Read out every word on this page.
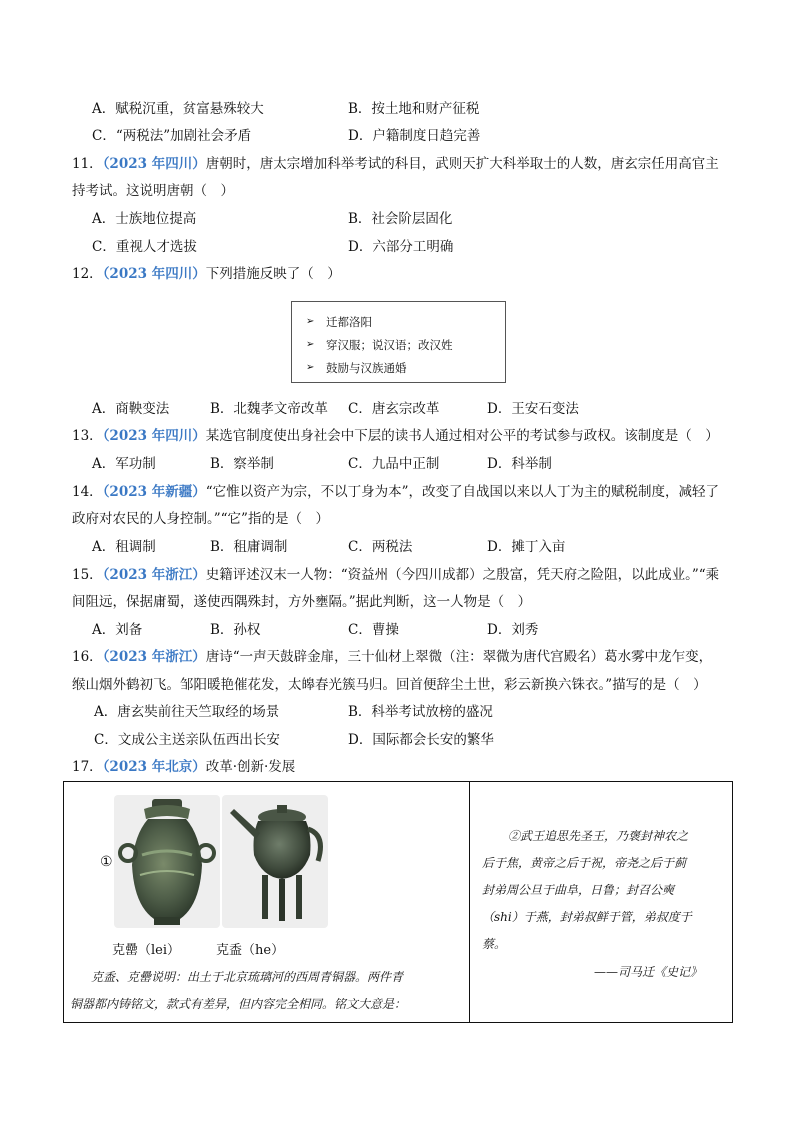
A．赋税沉重，贫富悬殊较大	B．按土地和财产征税
C．“两税法”加剧社会矛盾	D．户籍制度日趋完善
11．（2023 年四川）唐朝时，唐太宗增加科举考试的科目，武则天扩大科举取士的人数，唐玄宗任用高官主
持考试。这说明唐朝（　）
A．士族地位提高	B．社会阶层固化
C．重视人才选拔	D．六部分工明确
12．（2023 年四川）下列措施反映了（　）
➢ 迁都洛阳
➢ 穿汉服；说汉语；改汉姓
➢ 鼓励与汉族通婚
A．商鞅变法	B．北魏孝文帝改革 C．唐玄宗改革	D．王安石变法
13．（2023 年四川）某选官制度使出身社会中下层的读书人通过相对公平的考试参与政权。该制度是（　）
A．军功制	B．察举制	C．九品中正制	D．科举制
14．（2023 年新疆）“它惟以资产为宗，不以丁身为本”，改变了自战国以来以人丁为主的赋税制度，减轻了
政府对农民的人身控制。”“它”指的是（　）
A．租调制	B．租庸调制	C．两税法	D．摊丁入亩
15．（2023 年浙江）史籍评述汉末一人物：“资益州（今四川成都）之殷富，凭天府之险阻，以此成业。”“乘
间阻远，保据庸蜀，遂使西隅殊封，方外壅隔。”据此判断，这一人物是（　）
A．刘备	B．孙权	C．曹操	D．刘秀
16．（2023 年浙江）唐诗“一声天鼓辟金扉，三十仙材上翠微（注：翠微为唐代宫殿名）葛水雾中龙乍变，
缑山烟外鹤初飞。邹阳暖艳催花发，太皞春光簇马归。回首便辞尘土世，彩云新换六铢衣。”描写的是（　）
A．唐玄奘前往天竺取经的场景	B．科举考试放榜的盛况
C．文成公主送亲队伍西出长安	D．国际都会长安的繁华
17．（2023 年北京）改革·创新·发展
①
克罍（lei）	克盉（he）
克盉、克罍说明：出土于北京琉璃河的西周青铜器。两件青
铜器都内铸铭文，款式有差异，但内容完全相同。铭文大意是：
②武王追思先圣王，乃褒封神农之
后于焦，黄帝之后于祝，帝尧之后于蓟
封弟周公旦于曲阜，日鲁；封召公奭
（shi）于燕，封弟叔鲜于管，弟叔度于
蔡。
——司马迁《史记》
